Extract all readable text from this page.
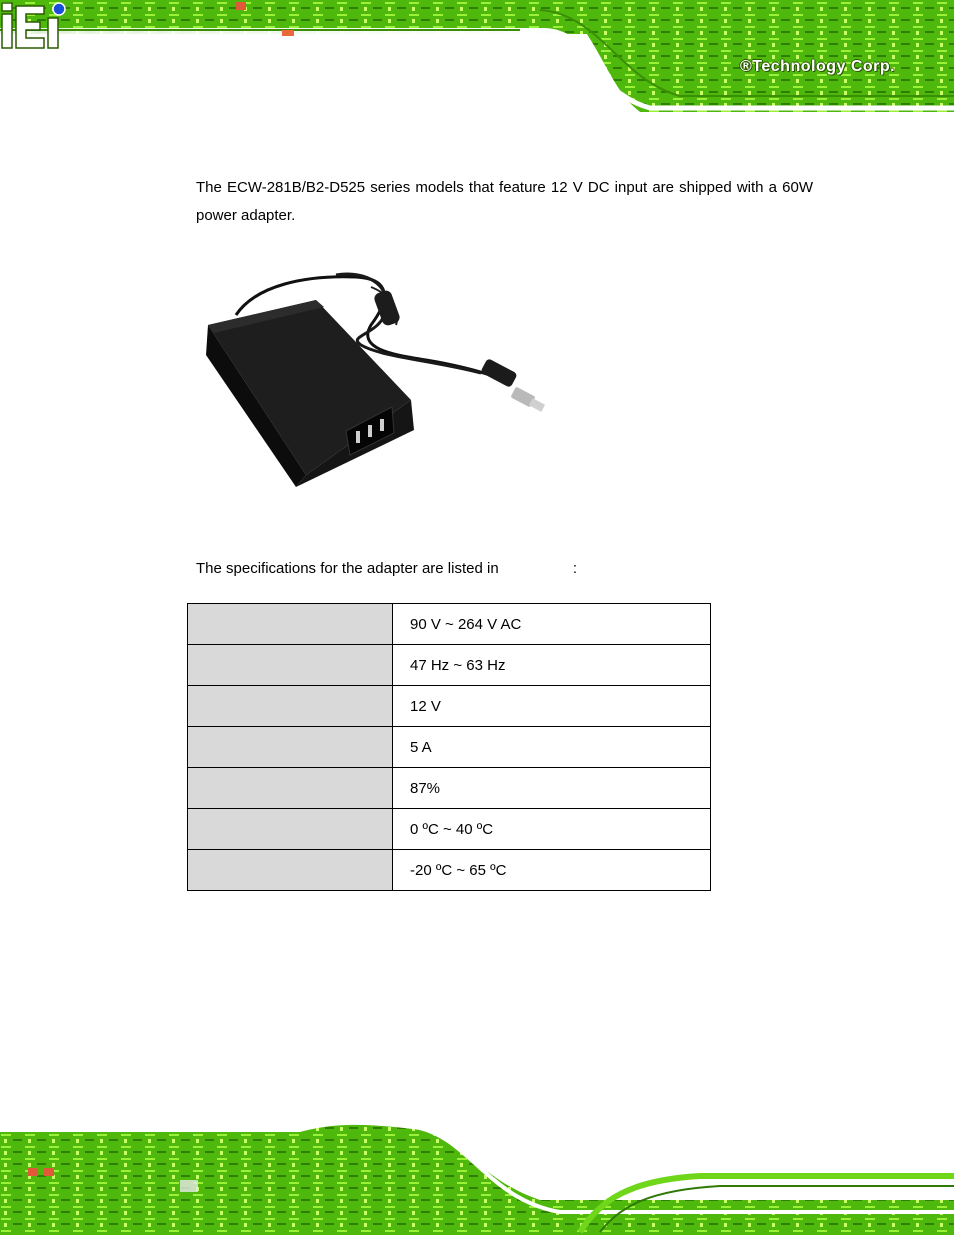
®Technology Corp.

The ECW-281B/B2-D525 series models that feature 12 V DC input are shipped with a 60W power adapter.

The specifications for the adapter are listed in	:

	90 V ~ 264 V AC
	47 Hz ~ 63 Hz
	12 V
	5 A
	87%
	0 ºC ~ 40 ºC
	-20 ºC ~ 65 ºC
